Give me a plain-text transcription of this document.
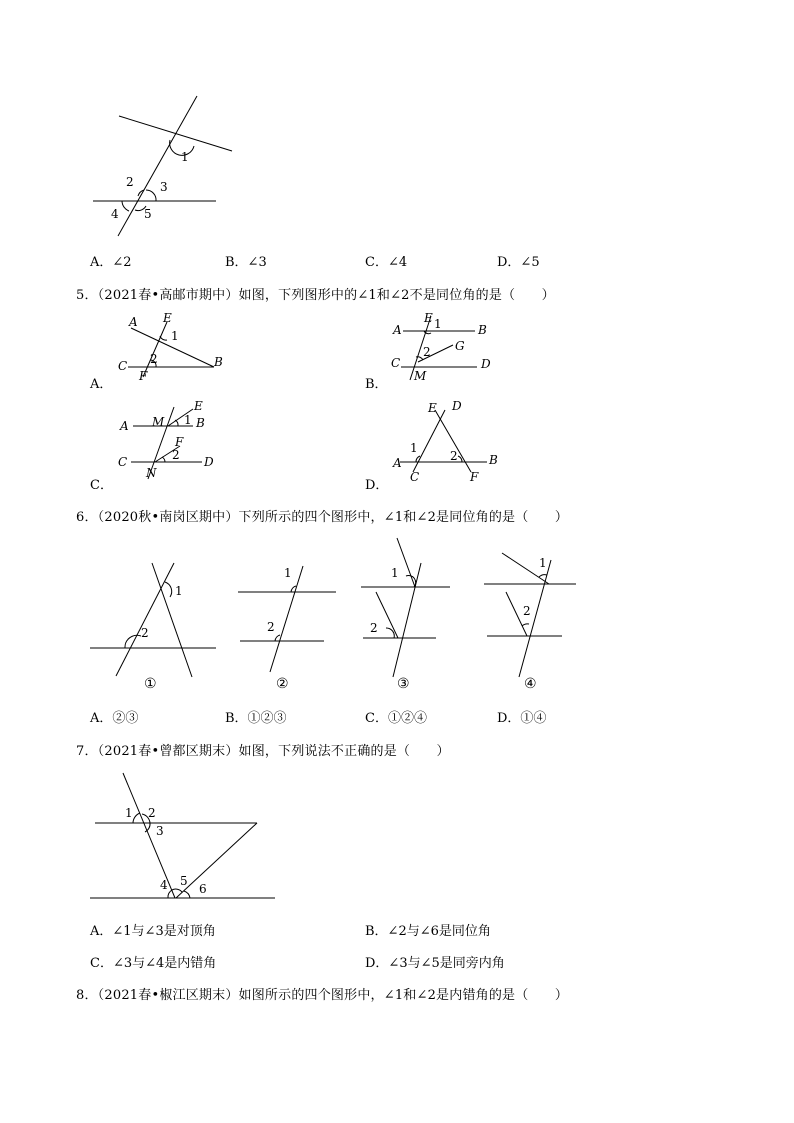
1
2 3
4 5
A．∠2	B．∠3	C．∠4	D．∠5
5．（2021春•高邮市期中）如图，下列图形中的∠1和∠2不是同位角的是（　　）
A E
1
2
C
F
B
A．
A
E 1	B
2 G
C
M
D
B．
E
A M 1 B
F
C	2 D
N
C．
E D
1
A	2	B
C	F
D．
6．（2020秋•南岗区期中）下列所示的四个图形中，∠1和∠2是同位角的是（　　）
1
2
1
2
1
2
1
2
①	②	③	④
A．②③	B．①②③	C．①②④	D．①④
7．（2021春•曾都区期末）如图，下列说法不正确的是（　　）
1 2
3
4 5
6
A．∠1与∠3是对顶角	B．∠2与∠6是同位角
C．∠3与∠4是内错角	D．∠3与∠5是同旁内角
8．（2021春•椒江区期末）如图所示的四个图形中，∠1和∠2是内错角的是（　　）
